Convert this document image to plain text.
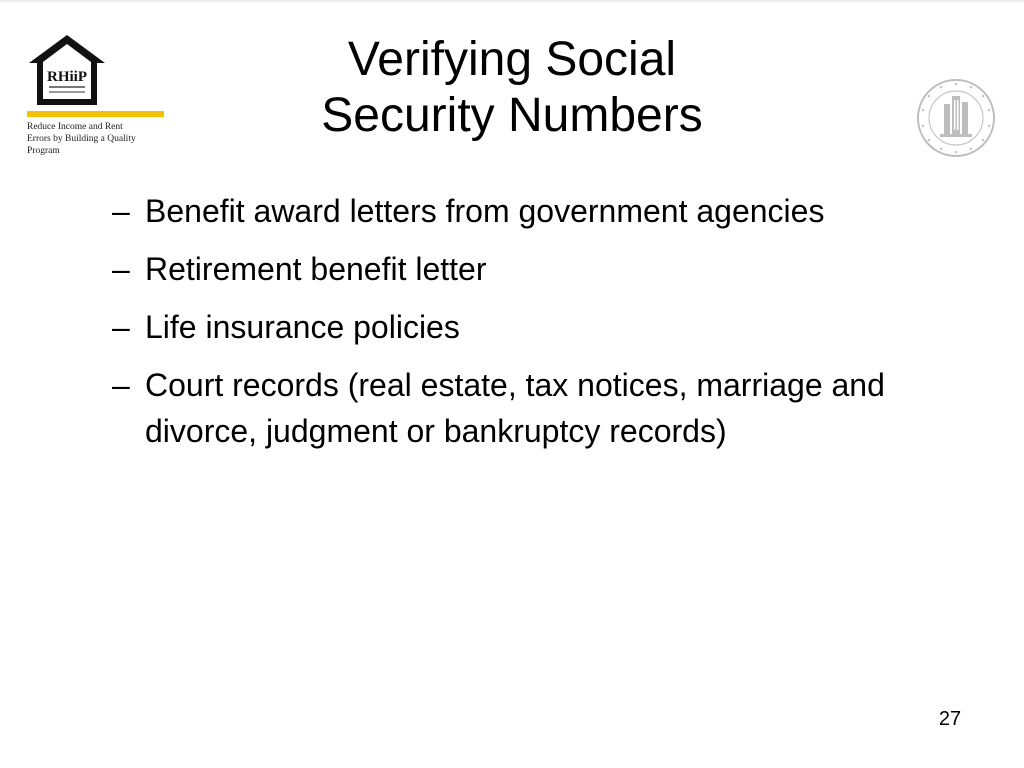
RHiiP
Reduce Income and Rent
Errors by Building a Quality
Program
Verifying Social
Security Numbers
– Benefit award letters from government agencies
– Retirement benefit letter
– Life insurance policies
– Court records (real estate, tax notices, marriage and divorce, judgment or bankruptcy records)
27
